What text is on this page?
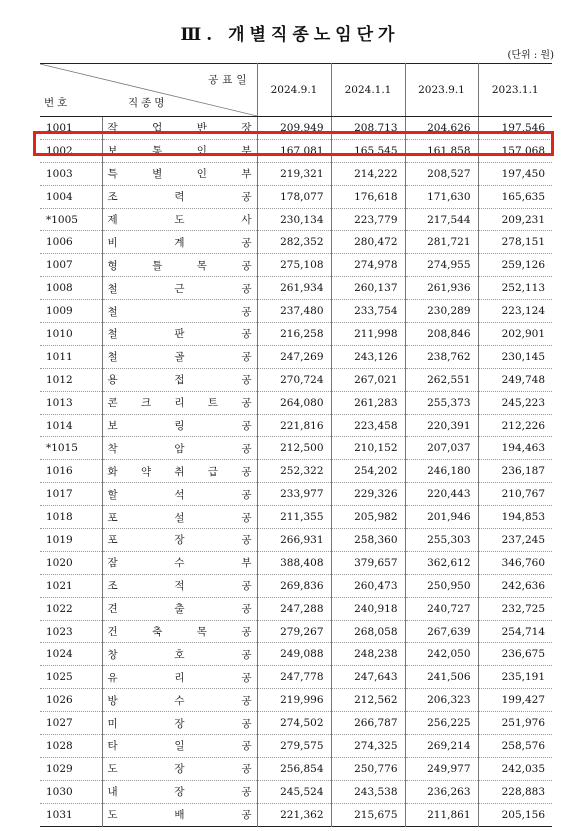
Ⅲ. 개별직종노임단가
(단위 : 원)
공표일
번호 직종명		2024.9.1	2024.1.1	2023.9.1	2023.1.1
1001	작 업 반 장	209,949	208,713	204,626	197,546
1002	보 통 인 부	167,081	165,545	161,858	157,068
1003	특 별 인 부	219,321	214,222	208,527	197,450
1004	조 력 공	178,077	176,618	171,630	165,635
*1005	제 도 사	230,134	223,779	217,544	209,231
1006	비 계 공	282,352	280,472	281,721	278,151
1007	형 틀 목 공	275,108	274,978	274,955	259,126
1008	철 근 공	261,934	260,137	261,936	252,113
1009	철 공	237,480	233,754	230,289	223,124
1010	철 판 공	216,258	211,998	208,846	202,901
1011	철 골 공	247,269	243,126	238,762	230,145
1012	용 접 공	270,724	267,021	262,551	249,748
1013	콘 크 리 트 공	264,080	261,283	255,373	245,223
1014	보 링 공	221,816	223,458	220,391	212,226
*1015	착 암 공	212,500	210,152	207,037	194,463
1016	화 약 취 급 공	252,322	254,202	246,180	236,187
1017	할 석 공	233,977	229,326	220,443	210,767
1018	포 설 공	211,355	205,982	201,946	194,853
1019	포 장 공	266,931	258,360	255,303	237,245
1020	잠 수 부	388,408	379,657	362,612	346,760
1021	조 적 공	269,836	260,473	250,950	242,636
1022	견 출 공	247,288	240,918	240,727	232,725
1023	건 축 목 공	279,267	268,058	267,639	254,714
1024	창 호 공	249,088	248,238	242,050	236,675
1025	유 리 공	247,778	247,643	241,506	235,191
1026	방 수 공	219,996	212,562	206,323	199,427
1027	미 장 공	274,502	266,787	256,225	251,976
1028	타 일 공	279,575	274,325	269,214	258,576
1029	도 장 공	256,854	250,776	249,977	242,035
1030	내 장 공	245,524	243,538	236,263	228,883
1031	도 배 공	221,362	215,675	211,861	205,156
